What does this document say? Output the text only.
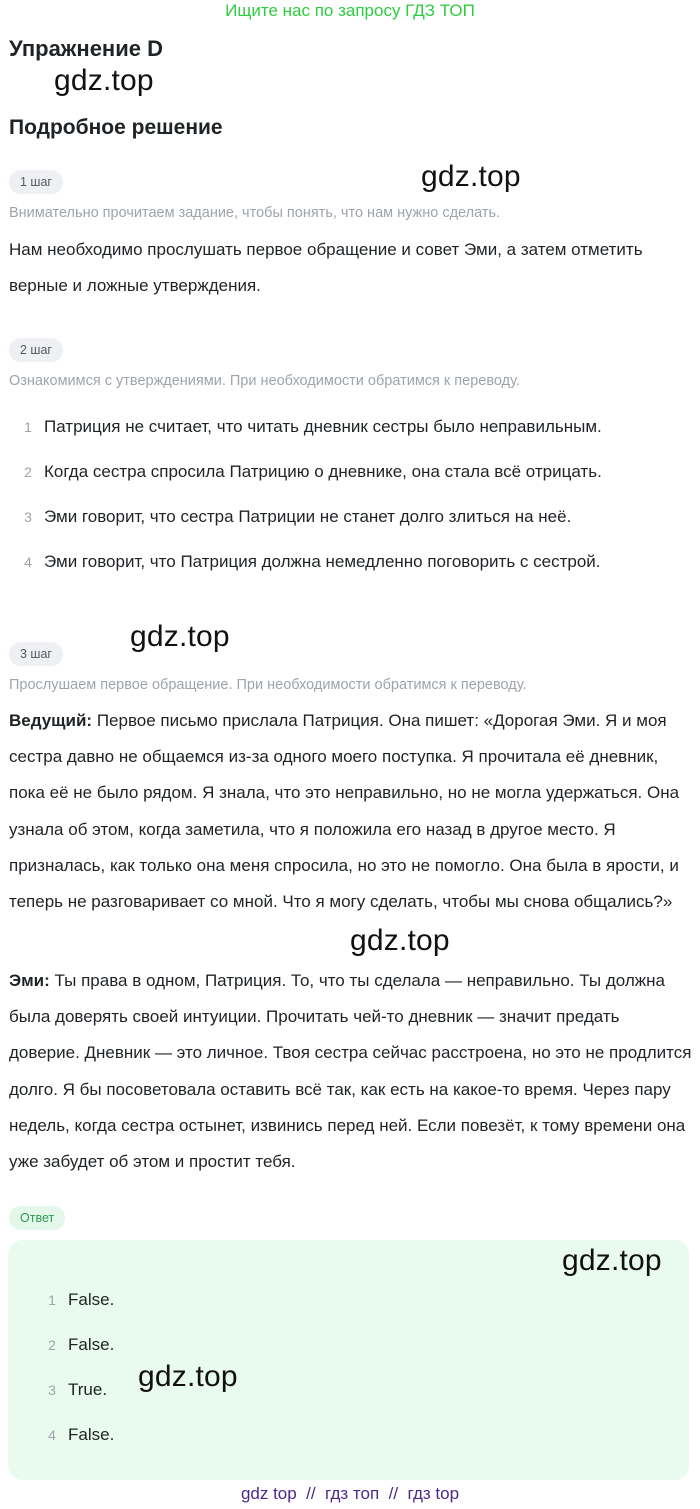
Ищите нас по запросу ГДЗ ТОП
Упражнение D
gdz.top
Подробное решение
1 шаг	gdz.top
Внимательно прочитаем задание, чтобы понять, что нам нужно сделать.
Нам необходимо прослушать первое обращение и совет Эми, а затем отметить верные и ложные утверждения.
2 шаг
Ознакомимся с утверждениями. При необходимости обратимся к переводу.
1 Патриция не считает, что читать дневник сестры было неправильным.
2 Когда сестра спросила Патрицию о дневнике, она стала всё отрицать.
3 Эми говорит, что сестра Патриции не станет долго злиться на неё.
4 Эми говорит, что Патриция должна немедленно поговорить с сестрой.
3 шаг
gdz.top
Прослушаем первое обращение. При необходимости обратимся к переводу.
Ведущий: Первое письмо прислала Патриция. Она пишет: «Дорогая Эми. Я и моя сестра давно не общаемся из-за одного моего поступка. Я прочитала её дневник, пока её не было рядом. Я знала, что это неправильно, но не могла удержаться. Она узнала об этом, когда заметила, что я положила его назад в другое место. Я призналась, как только она меня спросила, но это не помогло. Она была в ярости, и теперь не разговаривает со мной. Что я могу сделать, чтобы мы снова общались?»
gdz.top
Эми: Ты права в одном, Патриция. То, что ты сделала — неправильно. Ты должна была доверять своей интуиции. Прочитать чей-то дневник — значит предать доверие. Дневник — это личное. Твоя сестра сейчас расстроена, но это не продлится долго. Я бы посоветовала оставить всё так, как есть на какое-то время. Через пару недель, когда сестра остынет, извинись перед ней. Если повезёт, к тому времени она уже забудет об этом и простит тебя.
Ответ
gdz.top
1 False.
2 False.
3 True. gdz.top
4 False.
gdz top  //  гдз топ  //  гдз top
